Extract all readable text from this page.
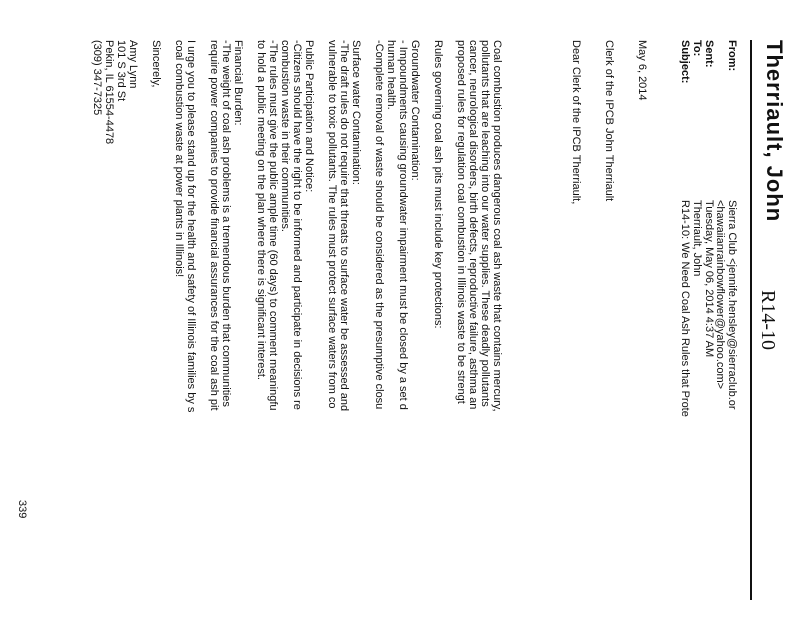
Therriault, John
R14-10
From:
Sent:
To:
Subject:
Sierra Club <jennife.hensley@sierraclub.or
<hawaiianrainbowflower@yahoo.com>
Tuesday, May 06, 2014 4:37 AM
Therriault, John
R14-10: We Need Coal Ash Rules that Prote
May 6, 2014
Clerk of the IPCB John Therriault
Dear Clerk of the IPCB Therriault,
Coal combustion produces dangerous coal ash waste that contains mercury,
pollutants that are leaching into our water supplies. These deadly pollutants
cancer, neurological disorders, birth defects, reproductive failure, asthma an
proposed rules for regulation coal combustion in Illinois waste to be strengt
Rules governing coal ash pits must include key protections:
Groundwater Contamination:
- Impoundments causing groundwater impairment must be closed by a set d
human health.
-Complete removal of waste should be considered as the presumptive closu
Surface water Contamination:
-The draft rules do not require that threats to surface water be assessed and
vulnerable to toxic pollutants. The rules must protect surface waters from co
Public Participation and Notice:
-Citizens should have the right to be informed and participate in decisions re
combustion waste in their communities.
-The rules must give the public ample time (60 days) to comment meaningfu
to hold a public meeting on the plan where there is significant interest.
Financial Burden:
-The weight of coal ash problems is a tremendous burden that communities
require power companies to provide financial assurances for the coal ash pit
I urge you to please stand up for the health and safety of Illinois families by s
coal combustion waste at power plants in Illinois!
Sincerely,
Amy Lynn
101 S 3rd St
Pekin, IL 61554-4478
(309) 347-7325
339
